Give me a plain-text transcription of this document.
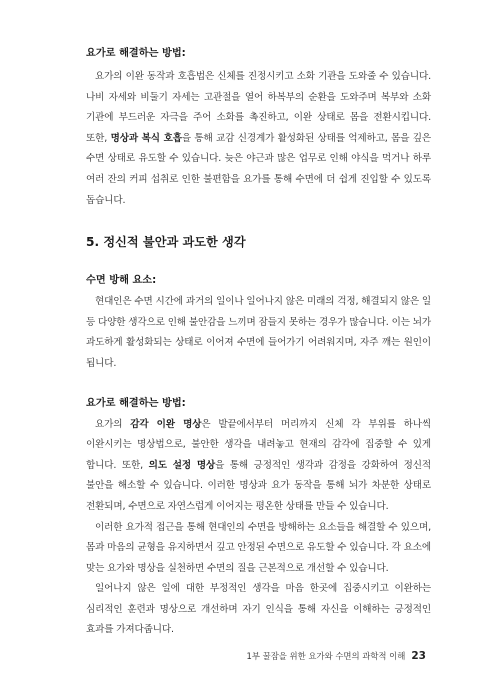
요가로 해결하는 방법:

요가의 이완 동작과 호흡법은 신체를 진정시키고 소화 기관을 도와줄 수 있습니다. 나비 자세와 비둘기 자세는 고관절을 열어 하복부의 순환을 도와주며 복부와 소화 기관에 부드러운 자극을 주어 소화를 촉진하고, 이완 상태로 몸을 전환시킵니다. 또한, 명상과 복식 호흡을 통해 교감 신경계가 활성화된 상태를 억제하고, 몸을 깊은 수면 상태로 유도할 수 있습니다. 늦은 야근과 많은 업무로 인해 야식을 먹거나 하루 여러 잔의 커피 섭취로 인한 불편함을 요가를 통해 수면에 더 쉽게 진입할 수 있도록 돕습니다.

5. 정신적 불안과 과도한 생각

수면 방해 요소:

현대인은 수면 시간에 과거의 일이나 일어나지 않은 미래의 걱정, 해결되지 않은 일 등 다양한 생각으로 인해 불안감을 느끼며 잠들지 못하는 경우가 많습니다. 이는 뇌가 과도하게 활성화되는 상태로 이어져 수면에 들어가기 어려워지며, 자주 깨는 원인이 됩니다.

요가로 해결하는 방법:

요가의 감각 이완 명상은 발끝에서부터 머리까지 신체 각 부위를 하나씩 이완시키는 명상법으로, 불안한 생각을 내려놓고 현재의 감각에 집중할 수 있게 합니다. 또한, 의도 설정 명상을 통해 긍정적인 생각과 감정을 강화하여 정신적 불안을 해소할 수 있습니다. 이러한 명상과 요가 동작을 통해 뇌가 차분한 상태로 전환되며, 수면으로 자연스럽게 이어지는 평온한 상태를 만들 수 있습니다.

이러한 요가적 접근을 통해 현대인의 수면을 방해하는 요소들을 해결할 수 있으며, 몸과 마음의 균형을 유지하면서 깊고 안정된 수면으로 유도할 수 있습니다. 각 요소에 맞는 요가와 명상을 실천하면 수면의 질을 근본적으로 개선할 수 있습니다.

일어나지 않은 일에 대한 부정적인 생각을 마음 한곳에 집중시키고 이완하는 심리적인 훈련과 명상으로 개선하며 자기 인식을 통해 자신을 이해하는 긍정적인 효과를 가져다줍니다.

1부 꿀잠을 위한 요가와 수면의 과학적 이해 23
